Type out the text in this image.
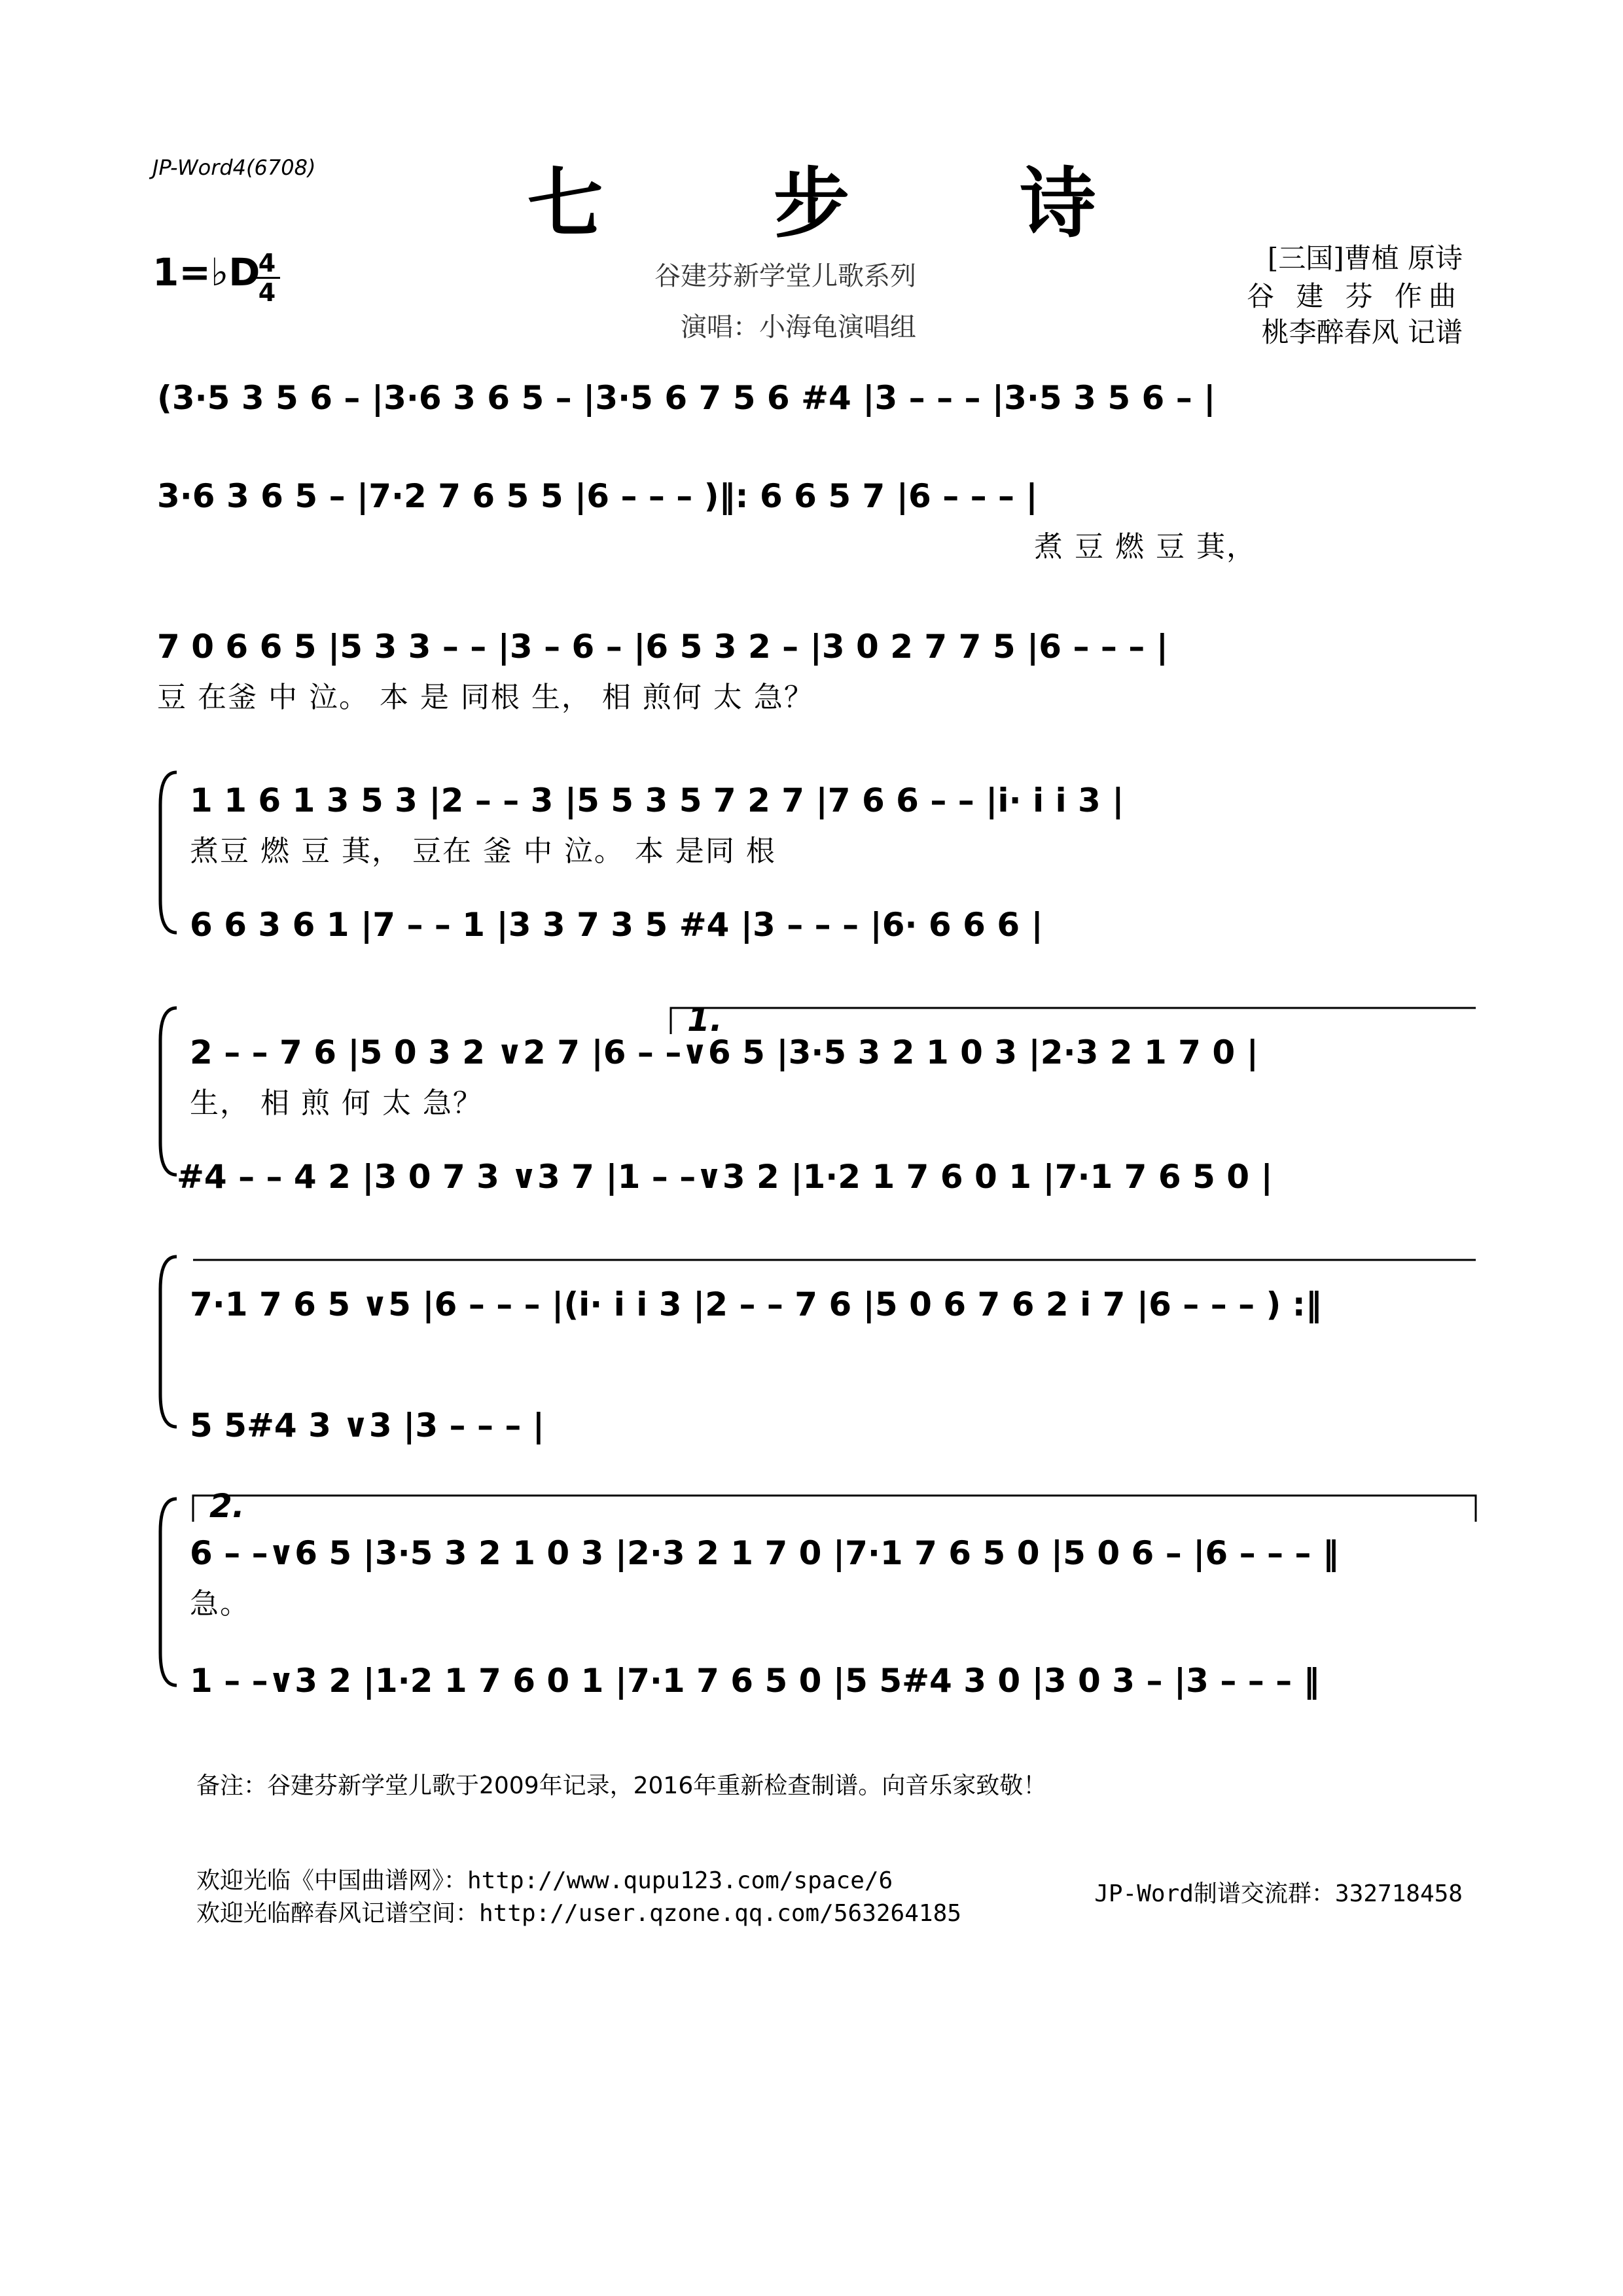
JP-Word4(6708)	七 步 诗
1=♭D
4
4
谷建芬新学堂儿歌系列
演唱：小海龟演唱组
[三国]曹植 原诗
谷 建 芬 作曲
桃李醉春风 记谱
1.
2.
(3·5 3 5 6 – |3·6 3 6 5 – |3·5 6 7 5 6 #4 |3 – – – |3·5 3 5 6 – |
3·6 3 6 5 – |7·2 7 6 5 5 |6 – – – )‖: 6 6 5 7 |6 – – – |
煮 豆 燃 豆 萁，
7 0 6 6 5 |5 3 3 – – |3 – 6 – |6 5 3 2 – |3 0 2 7 7 5 |6 – – – |
豆 在釜 中 泣。 本 是 同根 生， 相 煎何 太 急？
1 1 6 1 3 5 3 |2 – – 3 |5 5 3 5 7 2 7 |7 6 6 – – |i· i i 3 |
煮豆 燃 豆 萁， 豆在 釜 中 泣。 本 是同 根
6 6 3 6 1 |7 – – 1 |3 3 7 3 5 #4 |3 – – – |6· 6 6 6 |
2 – – 7 6 |5 0 3 2 ∨2 7 |6 – –∨6 5 |3·5 3 2 1 0 3 |2·3 2 1 7 0 |
生， 相 煎 何 太 急？
#4 – – 4 2 |3 0 7 3 ∨3 7 |1 – –∨3 2 |1·2 1 7 6 0 1 |7·1 7 6 5 0 |
7·1 7 6 5 ∨5 |6 – – – |(i· i i 3 |2 – – 7 6 |5 0 6 7 6 2 i 7 |6 – – – ) :‖
5 5#4 3 ∨3 |3 – – – |
6 – –∨6 5 |3·5 3 2 1 0 3 |2·3 2 1 7 0 |7·1 7 6 5 0 |5 0 6 – |6 – – – ‖
急。
1 – –∨3 2 |1·2 1 7 6 0 1 |7·1 7 6 5 0 |5 5#4 3 0 |3 0 3 – |3 – – – ‖
备注：谷建芬新学堂儿歌于2009年记录，2016年重新检查制谱。向音乐家致敬！
欢迎光临《中国曲谱网》：http://www.qupu123.com/space/6
欢迎光临醉春风记谱空间：http://user.qzone.qq.com/563264185
JP-Word制谱交流群：332718458
